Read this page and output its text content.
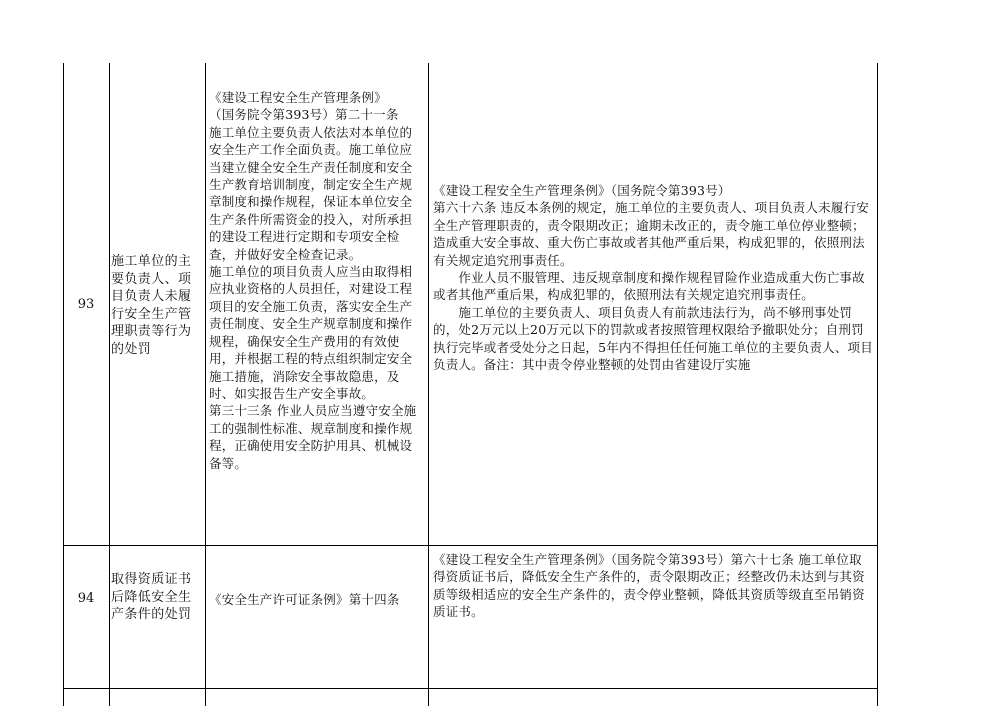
93
施工单位的主要负责人、项目负责人未履行安全生产管理职责等行为的处罚
《建设工程安全生产管理条例》
（国务院令第393号）第二十一条
施工单位主要负责人依法对本单位的安全生产工作全面负责。施工单位应当建立健全安全生产责任制度和安全生产教育培训制度，制定安全生产规章制度和操作规程，保证本单位安全生产条件所需资金的投入，对所承担的建设工程进行定期和专项安全检查，并做好安全检查记录。
施工单位的项目负责人应当由取得相应执业资格的人员担任，对建设工程项目的安全施工负责，落实安全生产责任制度、安全生产规章制度和操作规程，确保安全生产费用的有效使用，并根据工程的特点组织制定安全施工措施，消除安全事故隐患，及时、如实报告生产安全事故。
第三十三条 作业人员应当遵守安全施工的强制性标准、规章制度和操作规程，正确使用安全防护用具、机械设备等。
《建设工程安全生产管理条例》（国务院令第393号）
第六十六条 违反本条例的规定，施工单位的主要负责人、项目负责人未履行安全生产管理职责的，责令限期改正；逾期未改正的，责令施工单位停业整顿；造成重大安全事故、重大伤亡事故或者其他严重后果，构成犯罪的，依照刑法有关规定追究刑事责任。
　　作业人员不服管理、违反规章制度和操作规程冒险作业造成重大伤亡事故或者其他严重后果，构成犯罪的，依照刑法有关规定追究刑事责任。
　　施工单位的主要负责人、项目负责人有前款违法行为，尚不够刑事处罚的，处2万元以上20万元以下的罚款或者按照管理权限给予撤职处分；自刑罚执行完毕或者受处分之日起，5年内不得担任任何施工单位的主要负责人、项目负责人。备注：其中责令停业整顿的处罚由省建设厅实施
94
取得资质证书后降低安全生产条件的处罚
《安全生产许可证条例》第十四条
《建设工程安全生产管理条例》（国务院令第393号）第六十七条 施工单位取得资质证书后，降低安全生产条件的，责令限期改正；经整改仍未达到与其资质等级相适应的安全生产条件的，责令停业整顿，降低其资质等级直至吊销资质证书。
